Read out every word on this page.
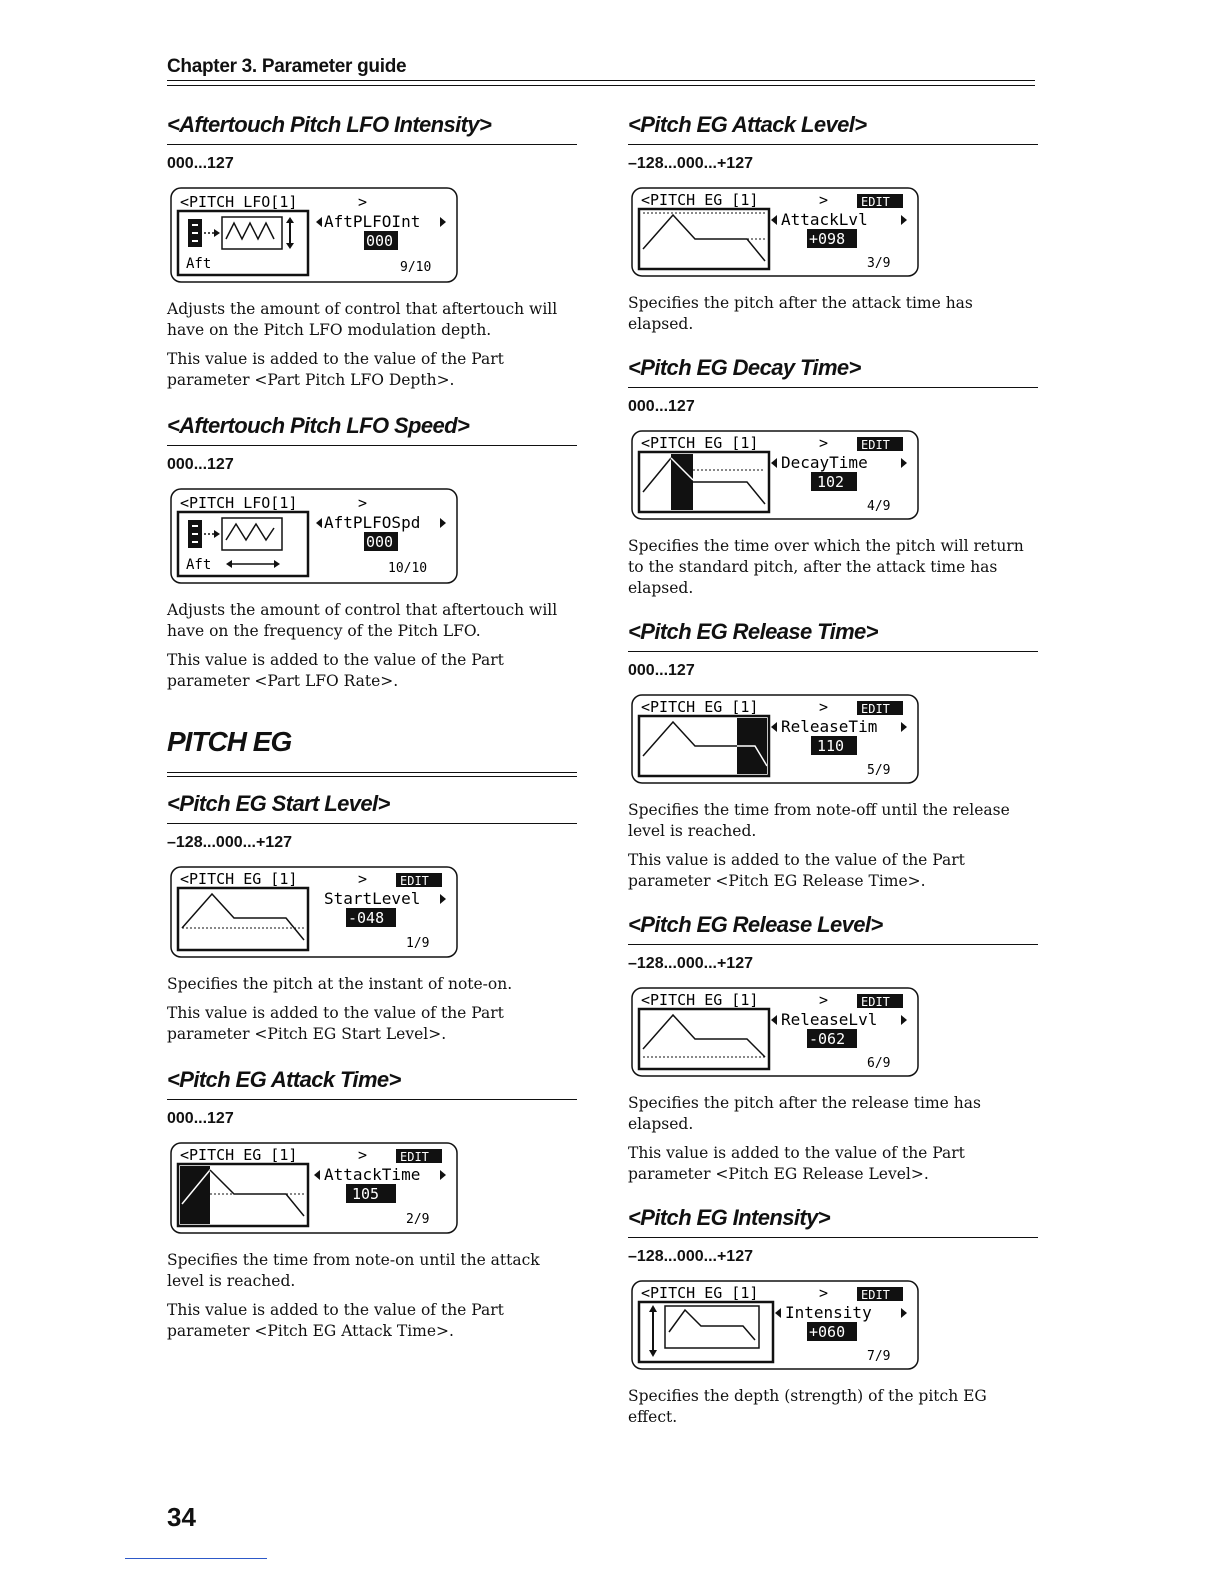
Chapter 3. Parameter guide
<Aftertouch Pitch LFO Intensity>
000...127
<PITCH LFO[1]	>
Aft
AftPLFOInt
000
9/10

Adjusts the amount of control that aftertouch will have on the Pitch LFO modulation depth.

This value is added to the value of the Part parameter <Part Pitch LFO Depth>.

<Aftertouch Pitch LFO Speed>
000...127
<PITCH LFO[1]	>
Aft
AftPLFOSpd
000
10/10

Adjusts the amount of control that aftertouch will have on the frequency of the Pitch LFO.

This value is added to the value of the Part parameter <Part LFO Rate>.

PITCH EG
<Pitch EG Start Level>
–128...000...+127
<PITCH EG [1]	>	EDIT
StartLevel
-048
1/9

Specifies the pitch at the instant of note-on.

This value is added to the value of the Part parameter <Pitch EG Start Level>.

<Pitch EG Attack Time>
000...127
<PITCH EG [1]	>	EDIT
AttackTime
105
2/9

Specifies the time from note-on until the attack level is reached.

This value is added to the value of the Part parameter <Pitch EG Attack Time>.

<Pitch EG Attack Level>
–128...000...+127
<PITCH EG [1]	>	EDIT
AttackLvl
+098
3/9

Specifies the pitch after the attack time has elapsed.

<Pitch EG Decay Time>
000...127
<PITCH EG [1]	>	EDIT
DecayTime
102
4/9

Specifies the time over which the pitch will return to the standard pitch, after the attack time has elapsed.

<Pitch EG Release Time>
000...127
<PITCH EG [1]	>	EDIT
ReleaseTim
110
5/9

Specifies the time from note-off until the release level is reached.

This value is added to the value of the Part parameter <Pitch EG Release Time>.

<Pitch EG Release Level>
–128...000...+127
<PITCH EG [1]	>	EDIT
ReleaseLvl
-062
6/9

Specifies the pitch after the release time has elapsed.

This value is added to the value of the Part parameter <Pitch EG Release Level>.

<Pitch EG Intensity>
–128...000...+127
<PITCH EG [1]	>	EDIT
Intensity
+060
7/9

Specifies the depth (strength) of the pitch EG effect.

34
